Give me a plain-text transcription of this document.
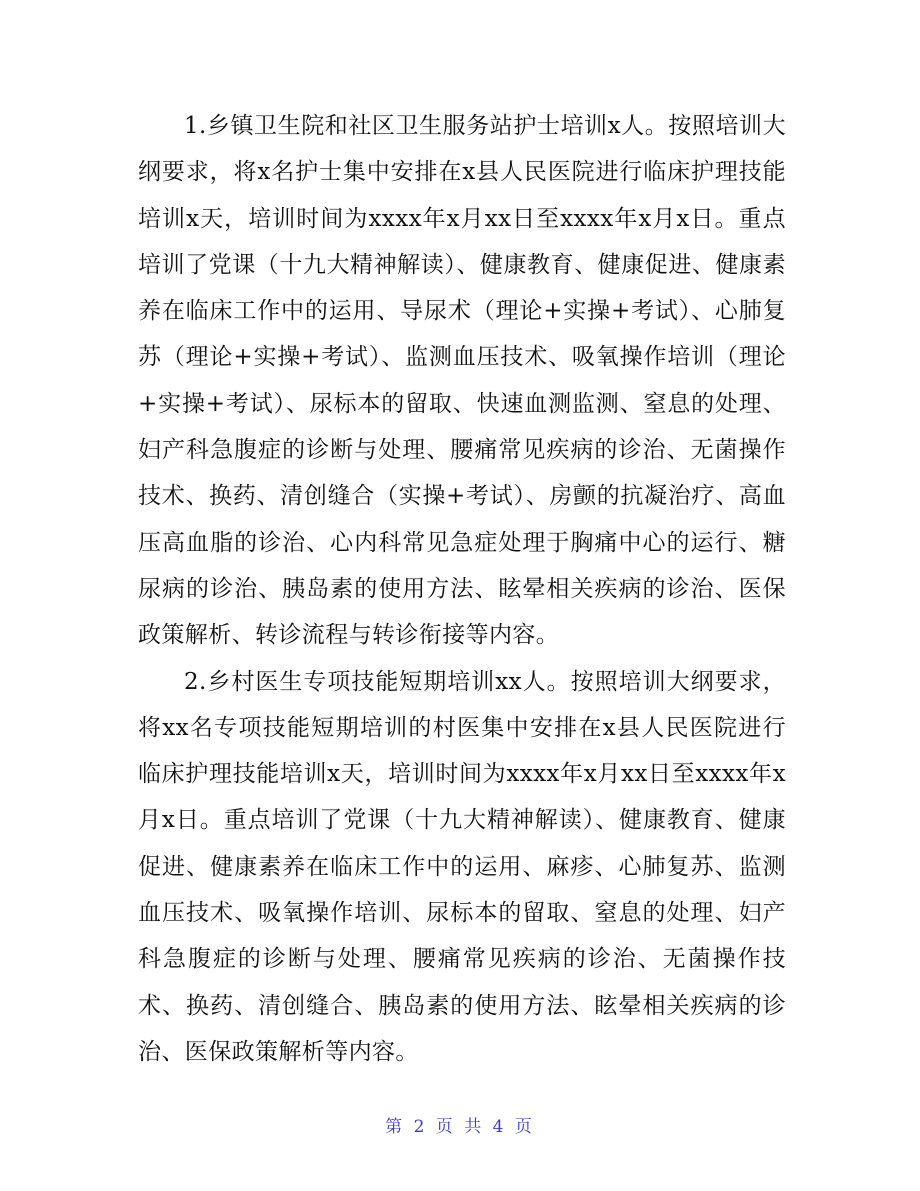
1.乡镇卫生院和社区卫生服务站护士培训x人。按照培训大纲要求，将x名护士集中安排在x县人民医院进行临床护理技能培训x天，培训时间为xxxx年x月xx日至xxxx年x月x日。重点培训了党课（十九大精神解读）、健康教育、健康促进、健康素养在临床工作中的运用、导尿术（理论+实操+考试）、心肺复苏（理论+实操+考试）、监测血压技术、吸氧操作培训（理论+实操+考试）、尿标本的留取、快速血测监测、窒息的处理、妇产科急腹症的诊断与处理、腰痛常见疾病的诊治、无菌操作技术、换药、清创缝合（实操+考试）、房颤的抗凝治疗、高血压高血脂的诊治、心内科常见急症处理于胸痛中心的运行、糖尿病的诊治、胰岛素的使用方法、眩晕相关疾病的诊治、医保政策解析、转诊流程与转诊衔接等内容。

2.乡村医生专项技能短期培训xx人。按照培训大纲要求，将xx名专项技能短期培训的村医集中安排在x县人民医院进行临床护理技能培训x天，培训时间为xxxx年x月xx日至xxxx年x月x日。重点培训了党课（十九大精神解读）、健康教育、健康促进、健康素养在临床工作中的运用、麻疹、心肺复苏、监测血压技术、吸氧操作培训、尿标本的留取、窒息的处理、妇产科急腹症的诊断与处理、腰痛常见疾病的诊治、无菌操作技术、换药、清创缝合、胰岛素的使用方法、眩晕相关疾病的诊治、医保政策解析等内容。

第 2 页 共 4 页
